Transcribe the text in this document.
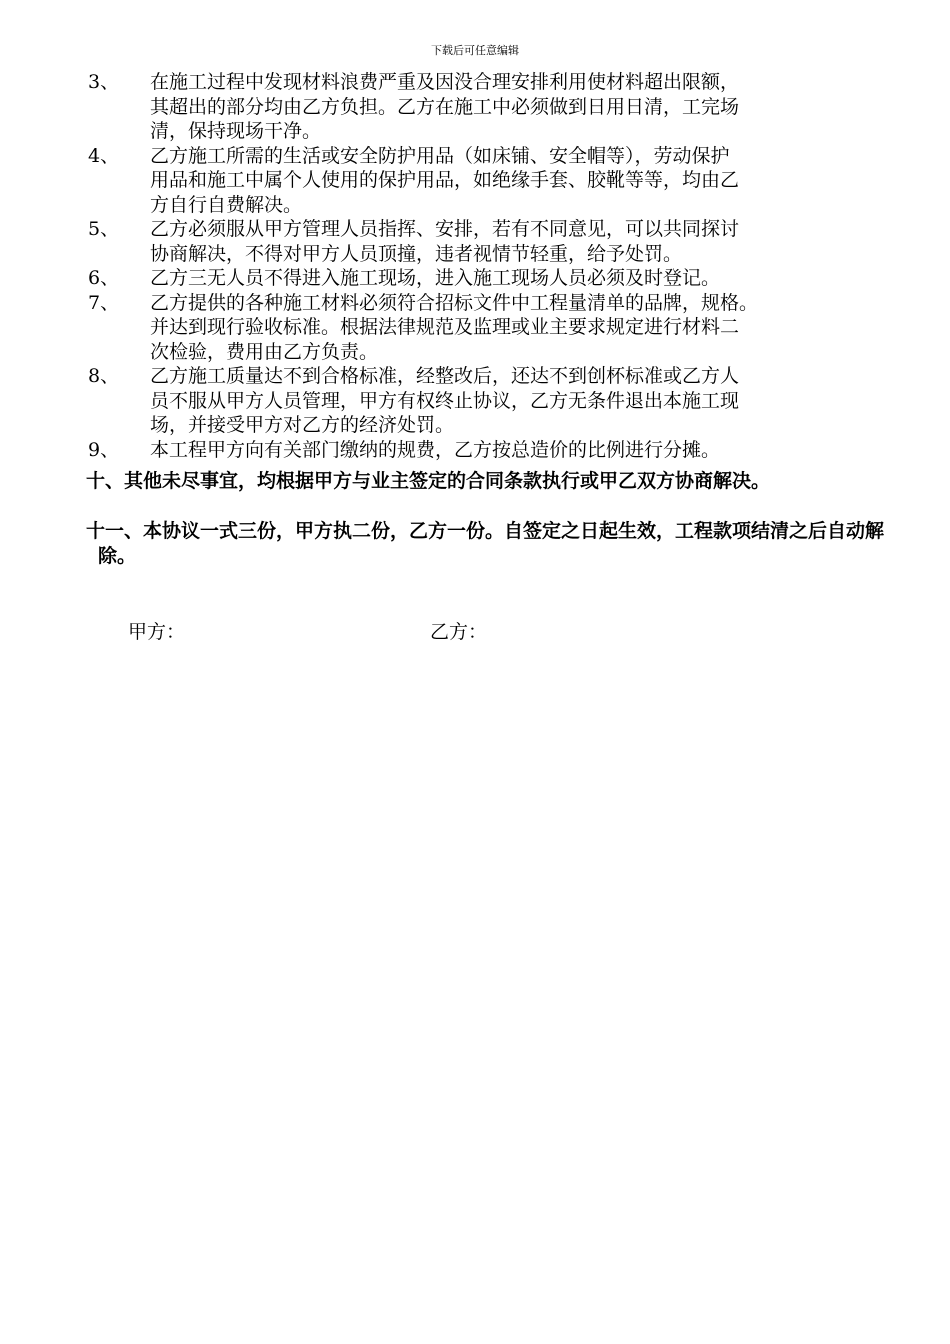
下载后可任意编辑
3、	在施工过程中发现材料浪费严重及因没合理安排利用使材料超出限额，
其超出的部分均由乙方负担。乙方在施工中必须做到日用日清，工完场
清，保持现场干净。
4、	乙方施工所需的生活或安全防护用品（如床铺、安全帽等），劳动保护
用品和施工中属个人使用的保护用品，如绝缘手套、胶靴等等，均由乙
方自行自费解决。
5、	乙方必须服从甲方管理人员指挥、安排，若有不同意见，可以共同探讨
协商解决，不得对甲方人员顶撞，违者视情节轻重，给予处罚。
6、	乙方三无人员不得进入施工现场，进入施工现场人员必须及时登记。
7、	乙方提供的各种施工材料必须符合招标文件中工程量清单的品牌，规格。
并达到现行验收标准。根据法律规范及监理或业主要求规定进行材料二
次检验，费用由乙方负责。
8、	乙方施工质量达不到合格标准，经整改后，还达不到创杯标准或乙方人
员不服从甲方人员管理，甲方有权终止协议，乙方无条件退出本施工现
场，并接受甲方对乙方的经济处罚。
9、	本工程甲方向有关部门缴纳的规费，乙方按总造价的比例进行分摊。
十、其他未尽事宜，均根据甲方与业主签定的合同条款执行或甲乙双方协商解决。
十一、本协议一式三份，甲方执二份，乙方一份。自签定之日起生效，工程款项结清之后自动解除。
甲方：	乙方：
